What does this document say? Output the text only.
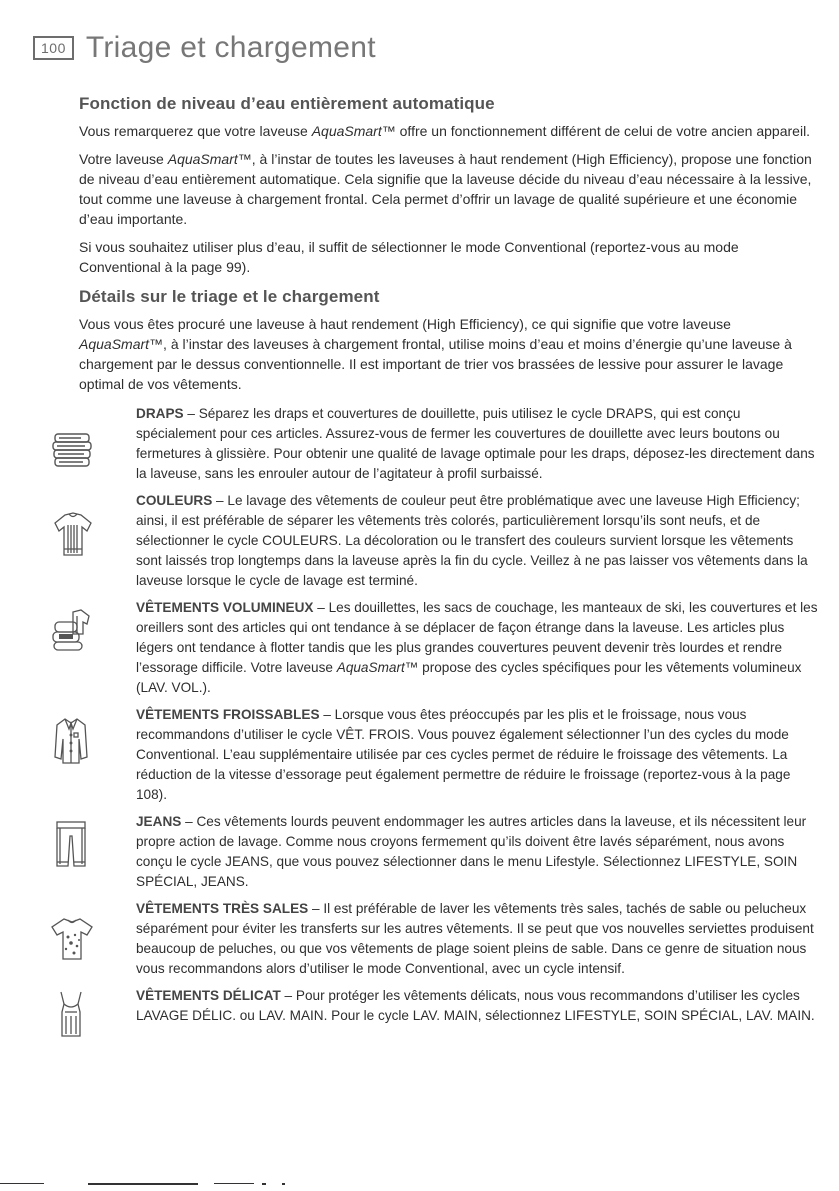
100 Triage et chargement
Fonction de niveau d’eau entièrement automatique

Vous remarquerez que votre laveuse AquaSmart™ offre un fonctionnement différent de celui de votre ancien appareil.

Votre laveuse AquaSmart™, à l’instar de toutes les laveuses à haut rendement (High Efficiency), propose une fonction de niveau d’eau entièrement automatique. Cela signifie que la laveuse décide du niveau d’eau nécessaire à la lessive, tout comme une laveuse à chargement frontal. Cela permet d’offrir un lavage de qualité supérieure et une économie d’eau importante.

Si vous souhaitez utiliser plus d’eau, il suffit de sélectionner le mode Conventional (reportez-vous au mode Conventional à la page 99).

Détails sur le triage et le chargement

Vous vous êtes procuré une laveuse à haut rendement (High Efficiency), ce qui signifie que votre laveuse AquaSmart™, à l’instar des laveuses à chargement frontal, utilise moins d’eau et moins d’énergie qu’une laveuse à chargement par le dessus conventionnelle. Il est important de trier vos brassées de lessive pour assurer le lavage optimal de vos vêtements.

DRAPS – Séparez les draps et couvertures de douillette, puis utilisez le cycle DRAPS, qui est conçu spécialement pour ces articles. Assurez-vous de fermer les couvertures de douillette avec leurs boutons ou fermetures à glissière. Pour obtenir une qualité de lavage optimale pour les draps, déposez-les directement dans la laveuse, sans les enrouler autour de l’agitateur à profil surbaissé.
COULEURS – Le lavage des vêtements de couleur peut être problématique avec une laveuse High Efficiency; ainsi, il est préférable de séparer les vêtements très colorés, particulièrement lorsqu’ils sont neufs, et de sélectionner le cycle COULEURS. La décoloration ou le transfert des couleurs survient lorsque les vêtements sont laissés trop longtemps dans la laveuse après la fin du cycle. Veillez à ne pas laisser vos vêtements dans la laveuse lorsque le cycle de lavage est terminé.
VÊTEMENTS VOLUMINEUX – Les douillettes, les sacs de couchage, les manteaux de ski, les couvertures et les oreillers sont des articles qui ont tendance à se déplacer de façon étrange dans la laveuse. Les articles plus légers ont tendance à flotter tandis que les plus grandes couvertures peuvent devenir très lourdes et rendre l’essorage difficile. Votre laveuse AquaSmart™ propose des cycles spécifiques pour les vêtements volumineux (LAV. VOL.).
VÊTEMENTS FROISSABLES – Lorsque vous êtes préoccupés par les plis et le froissage, nous vous recommandons d’utiliser le cycle VÊT. FROIS. Vous pouvez également sélectionner l’un des cycles du mode Conventional. L’eau supplémentaire utilisée par ces cycles permet de réduire le froissage des vêtements. La réduction de la vitesse d’essorage peut également permettre de réduire le froissage (reportez-vous à la page 108).
JEANS – Ces vêtements lourds peuvent endommager les autres articles dans la laveuse, et ils nécessitent leur propre action de lavage. Comme nous croyons fermement qu’ils doivent être lavés séparément, nous avons conçu le cycle JEANS, que vous pouvez sélectionner dans le menu Lifestyle. Sélectionnez LIFESTYLE, SOIN SPÉCIAL, JEANS.
VÊTEMENTS TRÈS SALES – Il est préférable de laver les vêtements très sales, tachés de sable ou pelucheux séparément pour éviter les transferts sur les autres vêtements. Il se peut que vos nouvelles serviettes produisent beaucoup de peluches, ou que vos vêtements de plage soient pleins de sable. Dans ce genre de situation nous vous recommandons alors d’utiliser le mode Conventional, avec un cycle intensif.
VÊTEMENTS DÉLICAT – Pour protéger les vêtements délicats, nous vous recommandons d’utiliser les cycles LAVAGE DÉLIC. ou LAV. MAIN. Pour le cycle LAV. MAIN, sélectionnez LIFESTYLE, SOIN SPÉCIAL, LAV. MAIN.
